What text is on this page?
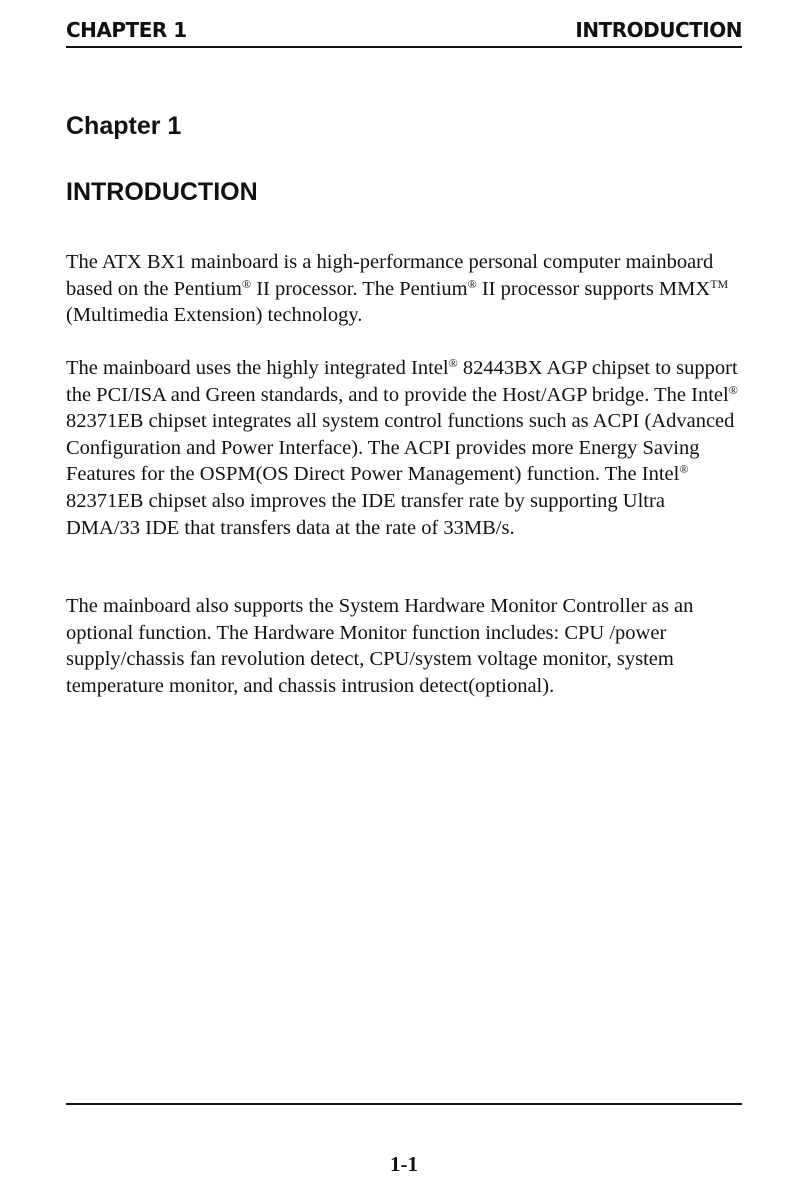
CHAPTER 1	INTRODUCTION
Chapter 1
INTRODUCTION

The ATX BX1 mainboard is a high-performance personal computer mainboard based on the Pentium® II processor. The Pentium® II processor supports MMX™ (Multimedia Extension) technology.

The mainboard uses the highly integrated Intel® 82443BX AGP chipset to support the PCI/ISA and Green standards, and to provide the Host/AGP bridge. The Intel® 82371EB chipset integrates all system control functions such as ACPI (Advanced Configuration and Power Interface). The ACPI provides more Energy Saving Features for the OSPM(OS Direct Power Management) function. The Intel® 82371EB chipset also improves the IDE transfer rate by supporting Ultra DMA/33 IDE that transfers data at the rate of 33MB/s.

The mainboard also supports the System Hardware Monitor Controller as an optional function. The Hardware Monitor function includes: CPU /power supply/chassis fan revolution detect, CPU/system voltage monitor, system temperature monitor, and chassis intrusion detect(optional).

1-1
